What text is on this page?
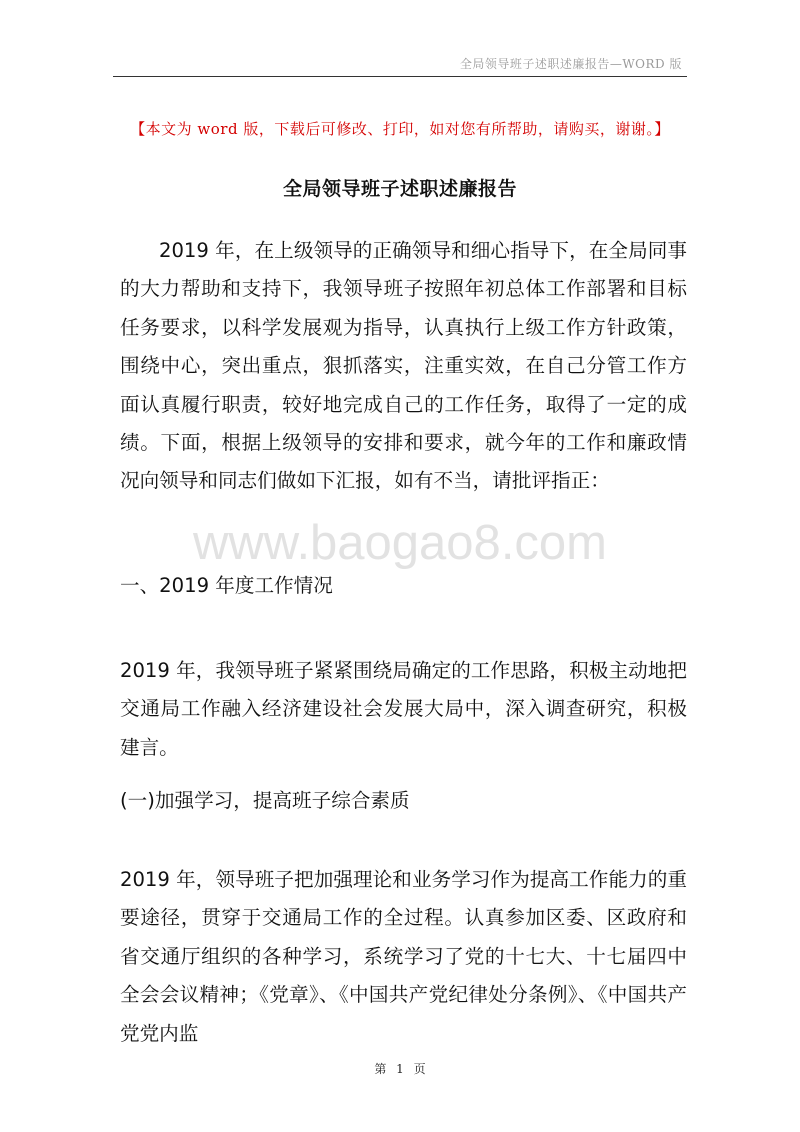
全局领导班子述职述廉报告—WORD 版
【本文为 word 版，下载后可修改、打印，如对您有所帮助，请购买，谢谢。】
全局领导班子述职述廉报告
2019 年，在上级领导的正确领导和细心指导下，在全局同事的大力帮助和支持下，我领导班子按照年初总体工作部署和目标任务要求，以科学发展观为指导，认真执行上级工作方针政策，围绕中心，突出重点，狠抓落实，注重实效，在自己分管工作方面认真履行职责，较好地完成自己的工作任务，取得了一定的成绩。下面，根据上级领导的安排和要求，就今年的工作和廉政情况向领导和同志们做如下汇报，如有不当，请批评指正：
www.baogao8.com
一、2019 年度工作情况
2019 年，我领导班子紧紧围绕局确定的工作思路，积极主动地把交通局工作融入经济建设社会发展大局中，深入调查研究，积极建言。
(一)加强学习，提高班子综合素质
2019 年，领导班子把加强理论和业务学习作为提高工作能力的重要途径，贯穿于交通局工作的全过程。认真参加区委、区政府和省交通厅组织的各种学习，系统学习了党的十七大、十七届四中全会会议精神；《党章》、《中国共产党纪律处分条例》、《中国共产党党内监
第 1 页
